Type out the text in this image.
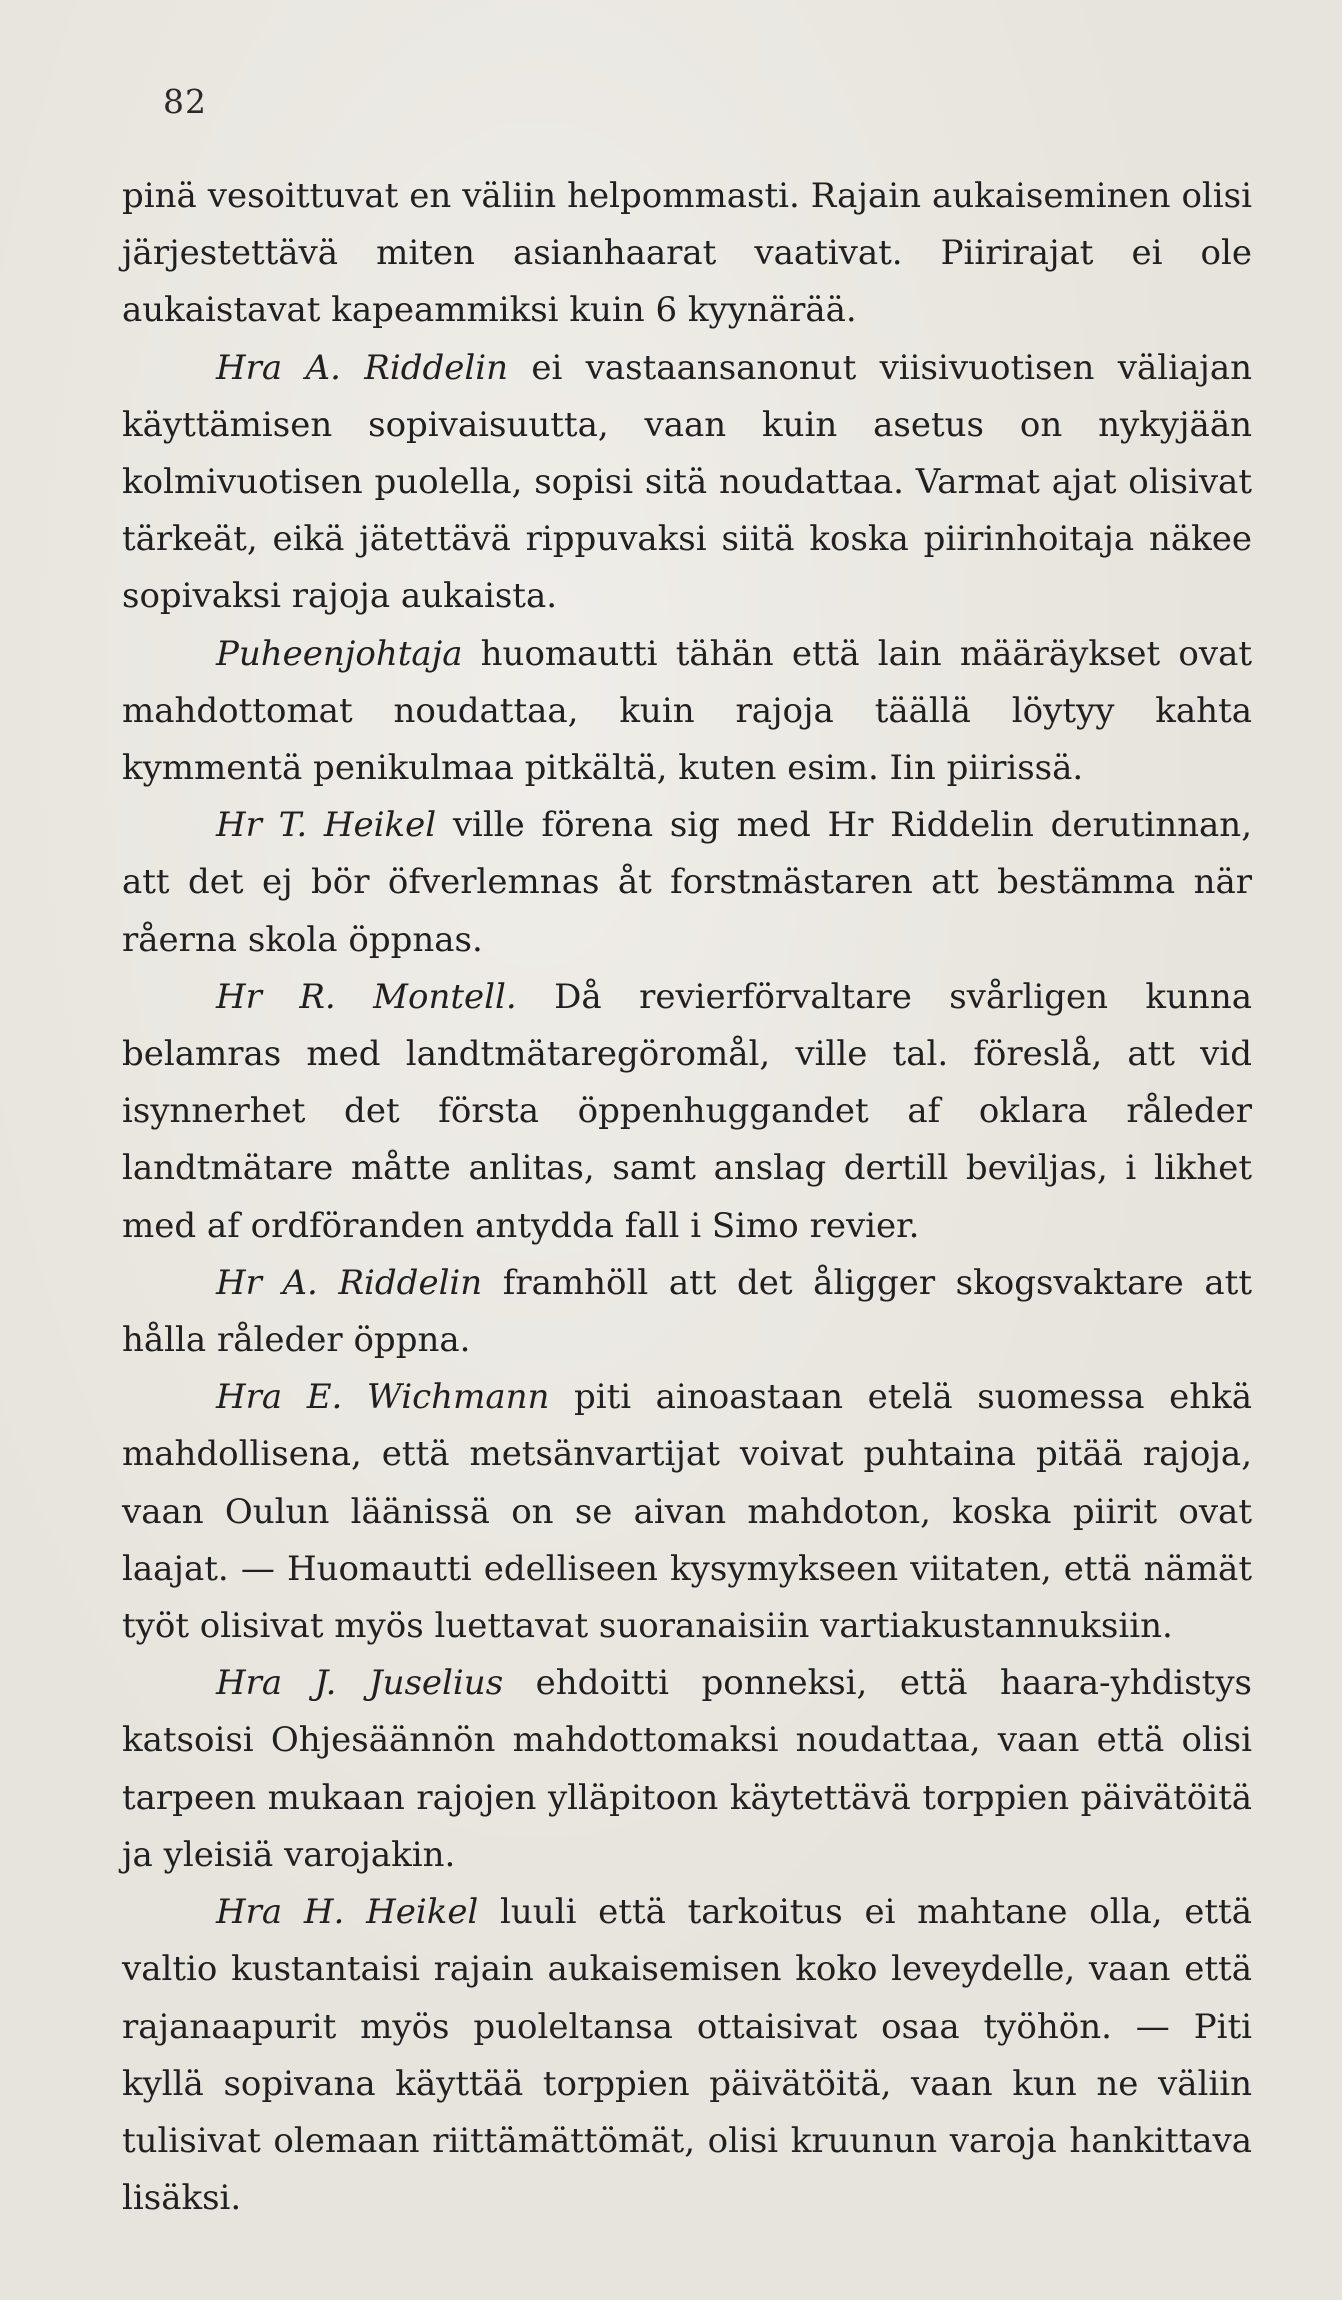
82

pinä vesoittuvat en väliin helpommasti. Rajain aukaiseminen olisi järjestettävä miten asianhaarat vaativat. Piirirajat ei ole aukaistavat kapeammiksi kuin 6 kyynärää.

Hra A. Riddelin ei vastaansanonut viisivuotisen väliajan käyttämisen sopivaisuutta, vaan kuin asetus on nykyjään kolmivuotisen puolella, sopisi sitä noudattaa. Varmat ajat olisivat tärkeät, eikä jätettävä rippuvaksi siitä koska piirinhoitaja näkee sopivaksi rajoja aukaista.

Puheenjohtaja huomautti tähän että lain määräykset ovat mahdottomat noudattaa, kuin rajoja täällä löytyy kahta kymmentä penikulmaa pitkältä, kuten esim. Iin piirissä.

Hr T. Heikel ville förena sig med Hr Riddelin derutinnan, att det ej bör öfverlemnas åt forstmästaren att bestämma när råerna skola öppnas.

Hr R. Montell. Då revierförvaltare svårligen kunna belamras med landtmätaregöromål, ville tal. föreslå, att vid isynnerhet det första öppenhuggandet af oklara råleder landtmätare måtte anlitas, samt anslag dertill beviljas, i likhet med af ordföranden antydda fall i Simo revier.

Hr A. Riddelin framhöll att det åligger skogsvaktare att hålla råleder öppna.

Hra E. Wichmann piti ainoastaan etelä suomessa ehkä mahdollisena, että metsänvartijat voivat puhtaina pitää rajoja, vaan Oulun läänissä on se aivan mahdoton, koska piirit ovat laajat. — Huomautti edelliseen kysymykseen viitaten, että nämät työt olisivat myös luettavat suoranaisiin vartiakustannuksiin.

Hra J. Juselius ehdoitti ponneksi, että haara-yhdistys katsoisi Ohjesäännön mahdottomaksi noudattaa, vaan että olisi tarpeen mukaan rajojen ylläpitoon käytettävä torppien päivätöitä ja yleisiä varojakin.

Hra H. Heikel luuli että tarkoitus ei mahtane olla, että valtio kustantaisi rajain aukaisemisen koko leveydelle, vaan että rajanaapurit myös puoleltansa ottaisivat osaa työhön. — Piti kyllä sopivana käyttää torppien päivätöitä, vaan kun ne väliin tulisivat olemaan riittämättömät, olisi kruunun varoja hankittava lisäksi.
